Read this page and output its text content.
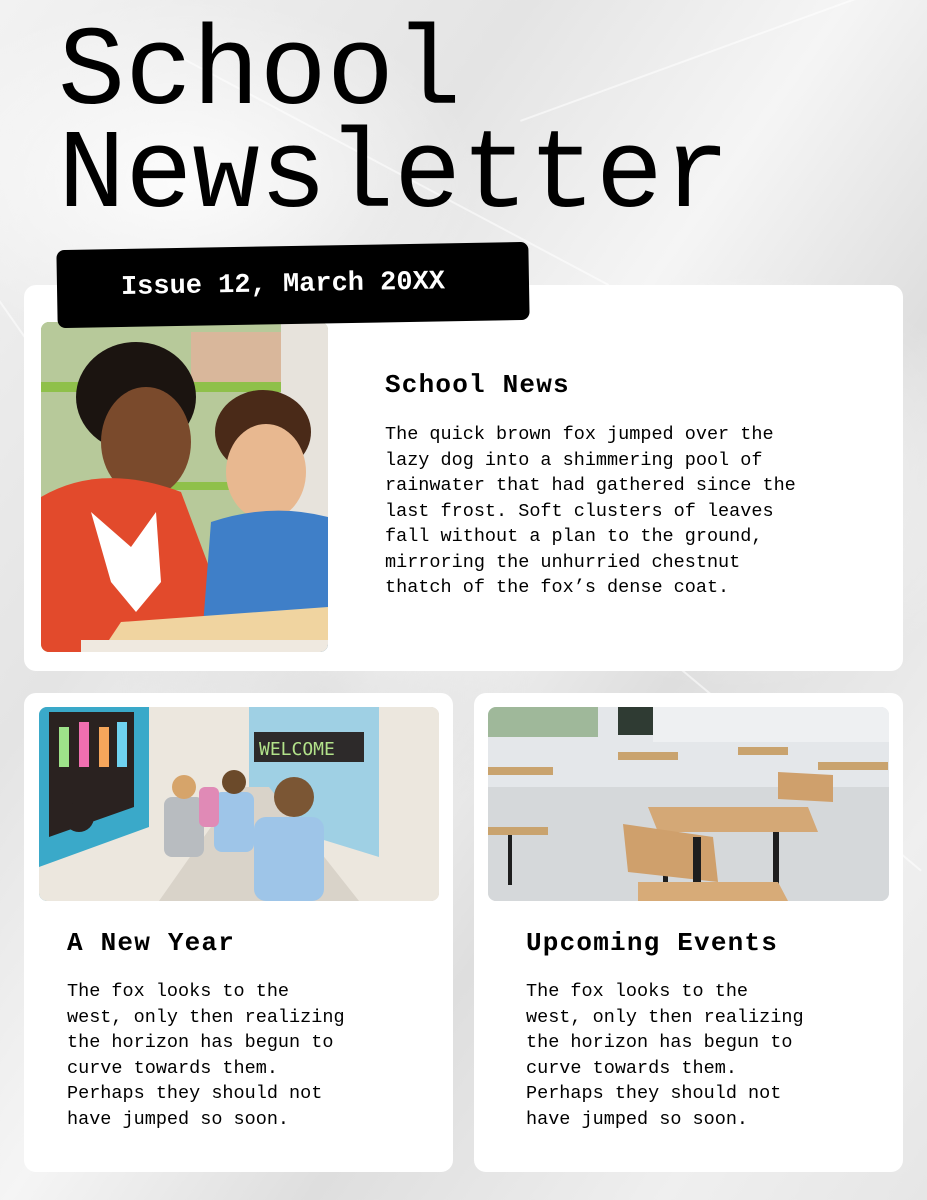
School
Newsletter
Issue 12, March 20XX
School News

The quick brown fox jumped over the
lazy dog into a shimmering pool of
rainwater that had gathered since the
last frost. Soft clusters of leaves
fall without a plan to the ground,
mirroring the unhurried chestnut
thatch of the fox’s dense coat.

WELCOME
A New Year

The fox looks to the
west, only then realizing
the horizon has begun to
curve towards them.
Perhaps they should not
have jumped so soon.

Upcoming Events

The fox looks to the
west, only then realizing
the horizon has begun to
curve towards them.
Perhaps they should not
have jumped so soon.
